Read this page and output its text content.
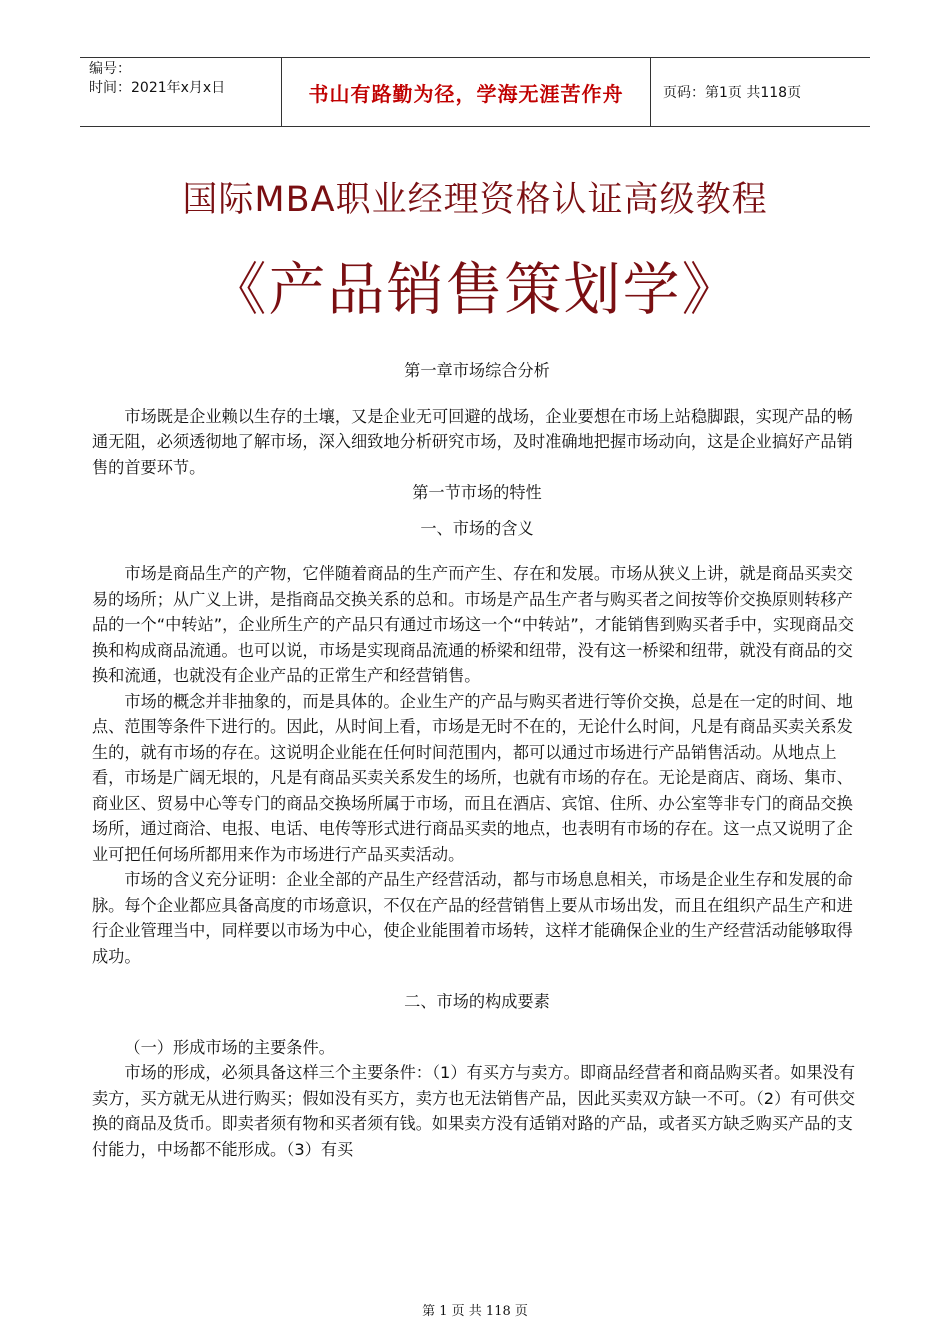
编号：
时间：2021年x月x日	书山有路勤为径，学海无涯苦作舟	页码：第1页 共118页
国际MBA职业经理资格认证高级教程
《产品销售策划学》

第一章市场综合分析

市场既是企业赖以生存的土壤，又是企业无可回避的战场，企业要想在市场上站稳脚跟，实现产品的畅通无阻，必须透彻地了解市场，深入细致地分析研究市场，及时准确地把握市场动向，这是企业搞好产品销售的首要环节。

第一节市场的特性

一、市场的含义

市场是商品生产的产物，它伴随着商品的生产而产生、存在和发展。市场从狭义上讲，就是商品买卖交易的场所；从广义上讲，是指商品交换关系的总和。市场是产品生产者与购买者之间按等价交换原则转移产品的一个“中转站”，企业所生产的产品只有通过市场这一个“中转站”，才能销售到购买者手中，实现商品交换和构成商品流通。也可以说，市场是实现商品流通的桥梁和纽带，没有这一桥梁和纽带，就没有商品的交换和流通，也就没有企业产品的正常生产和经营销售。

市场的概念并非抽象的，而是具体的。企业生产的产品与购买者进行等价交换，总是在一定的时间、地点、范围等条件下进行的。因此，从时间上看，市场是无时不在的，无论什么时间，凡是有商品买卖关系发生的，就有市场的存在。这说明企业能在任何时间范围内，都可以通过市场进行产品销售活动。从地点上看，市场是广阔无垠的，凡是有商品买卖关系发生的场所，也就有市场的存在。无论是商店、商场、集市、商业区、贸易中心等专门的商品交换场所属于市场，而且在酒店、宾馆、住所、办公室等非专门的商品交换场所，通过商洽、电报、电话、电传等形式进行商品买卖的地点，也表明有市场的存在。这一点又说明了企业可把任何场所都用来作为市场进行产品买卖活动。

市场的含义充分证明：企业全部的产品生产经营活动，都与市场息息相关，市场是企业生存和发展的命脉。每个企业都应具备高度的市场意识，不仅在产品的经营销售上要从市场出发，而且在组织产品生产和进行企业管理当中，同样要以市场为中心，使企业能围着市场转，这样才能确保企业的生产经营活动能够取得成功。

二、市场的构成要素

（一）形成市场的主要条件。

市场的形成，必须具备这样三个主要条件：（1）有买方与卖方。即商品经营者和商品购买者。如果没有卖方，买方就无从进行购买；假如没有买方，卖方也无法销售产品，因此买卖双方缺一不可。（2）有可供交换的商品及货币。即卖者须有物和买者须有钱。如果卖方没有适销对路的产品，或者买方缺乏购买产品的支付能力，中场都不能形成。（3）有买

第 1 页 共 118 页
